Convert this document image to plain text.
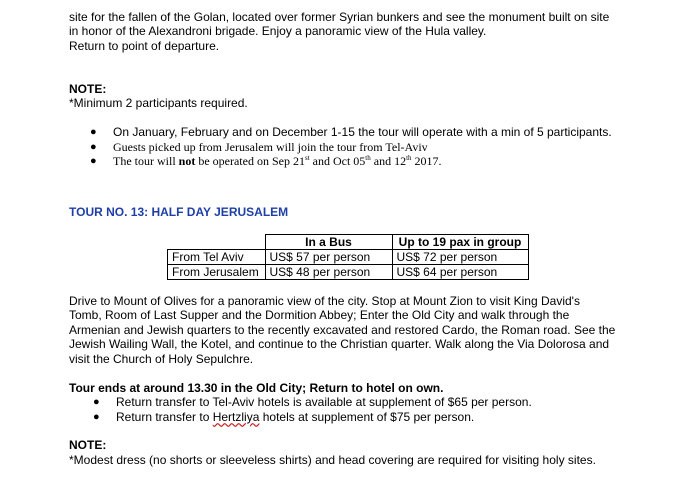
site for the fallen of the Golan, located over former Syrian bunkers and see the monument built on site

in honor of the Alexandroni brigade. Enjoy a panoramic view of the Hula valley.

Return to point of departure.

NOTE:

*Minimum 2 participants required.

● On January, February and on December 1-15 the tour will operate with a min of 5 participants.
● Guests picked up from Jerusalem will join the tour from Tel-Aviv
● The tour will not be operated on Sep 21st and Oct 05th and 12th 2017.

TOUR NO. 13: HALF DAY JERUSALEM

	In a Bus	Up to 19 pax in group
From Tel Aviv	US$ 57 per person	US$ 72 per person
From Jerusalem	US$ 48 per person	US$ 64 per person

Drive to Mount of Olives for a panoramic view of the city. Stop at Mount Zion to visit King David's

Tomb, Room of Last Supper and the Dormition Abbey; Enter the Old City and walk through the

Armenian and Jewish quarters to the recently excavated and restored Cardo, the Roman road. See the

Jewish Wailing Wall, the Kotel, and continue to the Christian quarter. Walk along the Via Dolorosa and

visit the Church of Holy Sepulchre.

Tour ends at around 13.30 in the Old City; Return to hotel on own.

● Return transfer to Tel-Aviv hotels is available at supplement of $65 per person.
● Return transfer to Hertzliya hotels at supplement of $75 per person.

NOTE:

*Modest dress (no shorts or sleeveless shirts) and head covering are required for visiting holy sites.
